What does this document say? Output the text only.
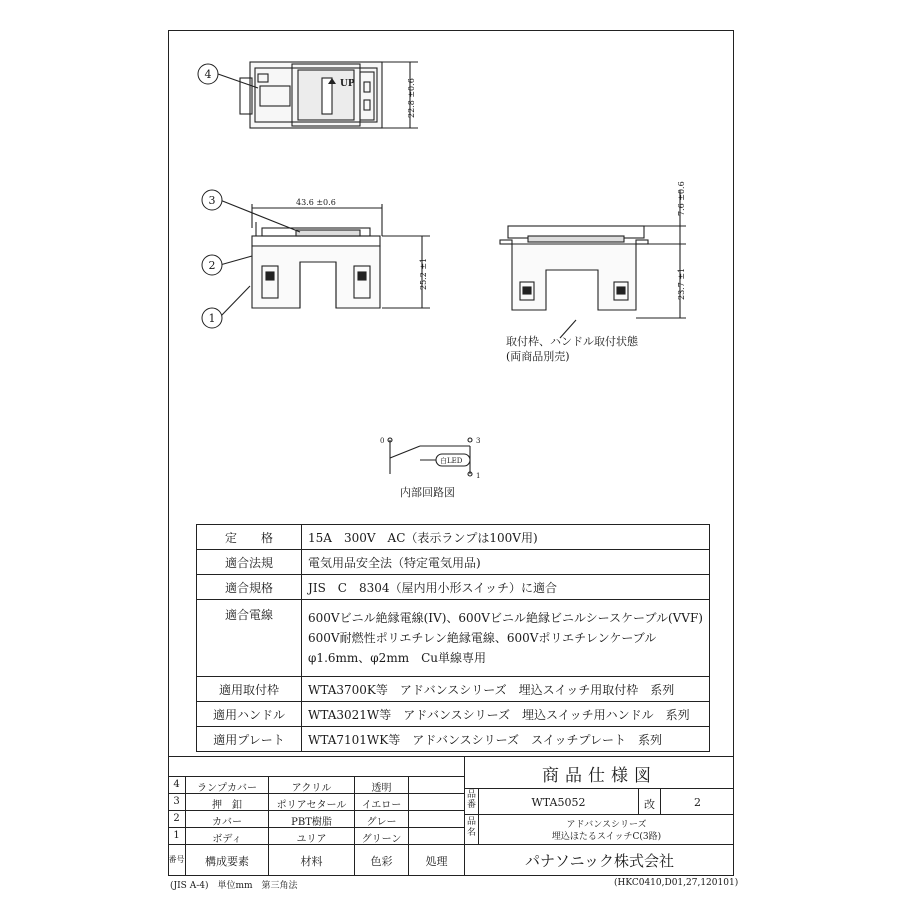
4
3
2
1
UP	22.8 ±0.6
43.6 ±0.6
25.2 ±1
7.6 ±0.6
23.7 ±1
取付枠、ハンドル取付状態
(両商品別売)
0	3
1
白LED
内部回路図
定　　格	15A　300V　AC（表示ランプは100V用)
適合法規	電気用品安全法（特定電気用品)
適合規格	JIS　C　8304（屋内用小形スイッチ）に適合
適合電線	600Vビニル絶縁電線(IV)、600Vビニル絶縁ビニルシースケーブル(VVF)
600V耐燃性ポリエチレン絶縁電線、600Vポリエチレンケーブル
φ1.6mm、φ2mm　Cu単線専用

適用取付枠	WTA3700K等　アドバンスシリーズ　埋込スイッチ用取付枠　系列
適用ハンドル	WTA3021W等　アドバンスシリーズ　埋込スイッチ用ハンドル　系列
適用プレート	WTA7101WK等　アドバンスシリーズ　スイッチプレート　系列
4	ランプカバー	アクリル	透明
3	押　釦	ポリアセタール	イエロー
2	カバー	PBT樹脂	グレー
1	ボディ	ユリア	グリーン
番号	構成要素	材料	色彩	処理
商品仕様図
品番	WTA5052	改	2
品名
アドバンスシリーズ
埋込ほたるスイッチC(3路)
パナソニック株式会社
(JIS A-4)　単位mm　第三角法	(HKC0410,D01,27,120101)
